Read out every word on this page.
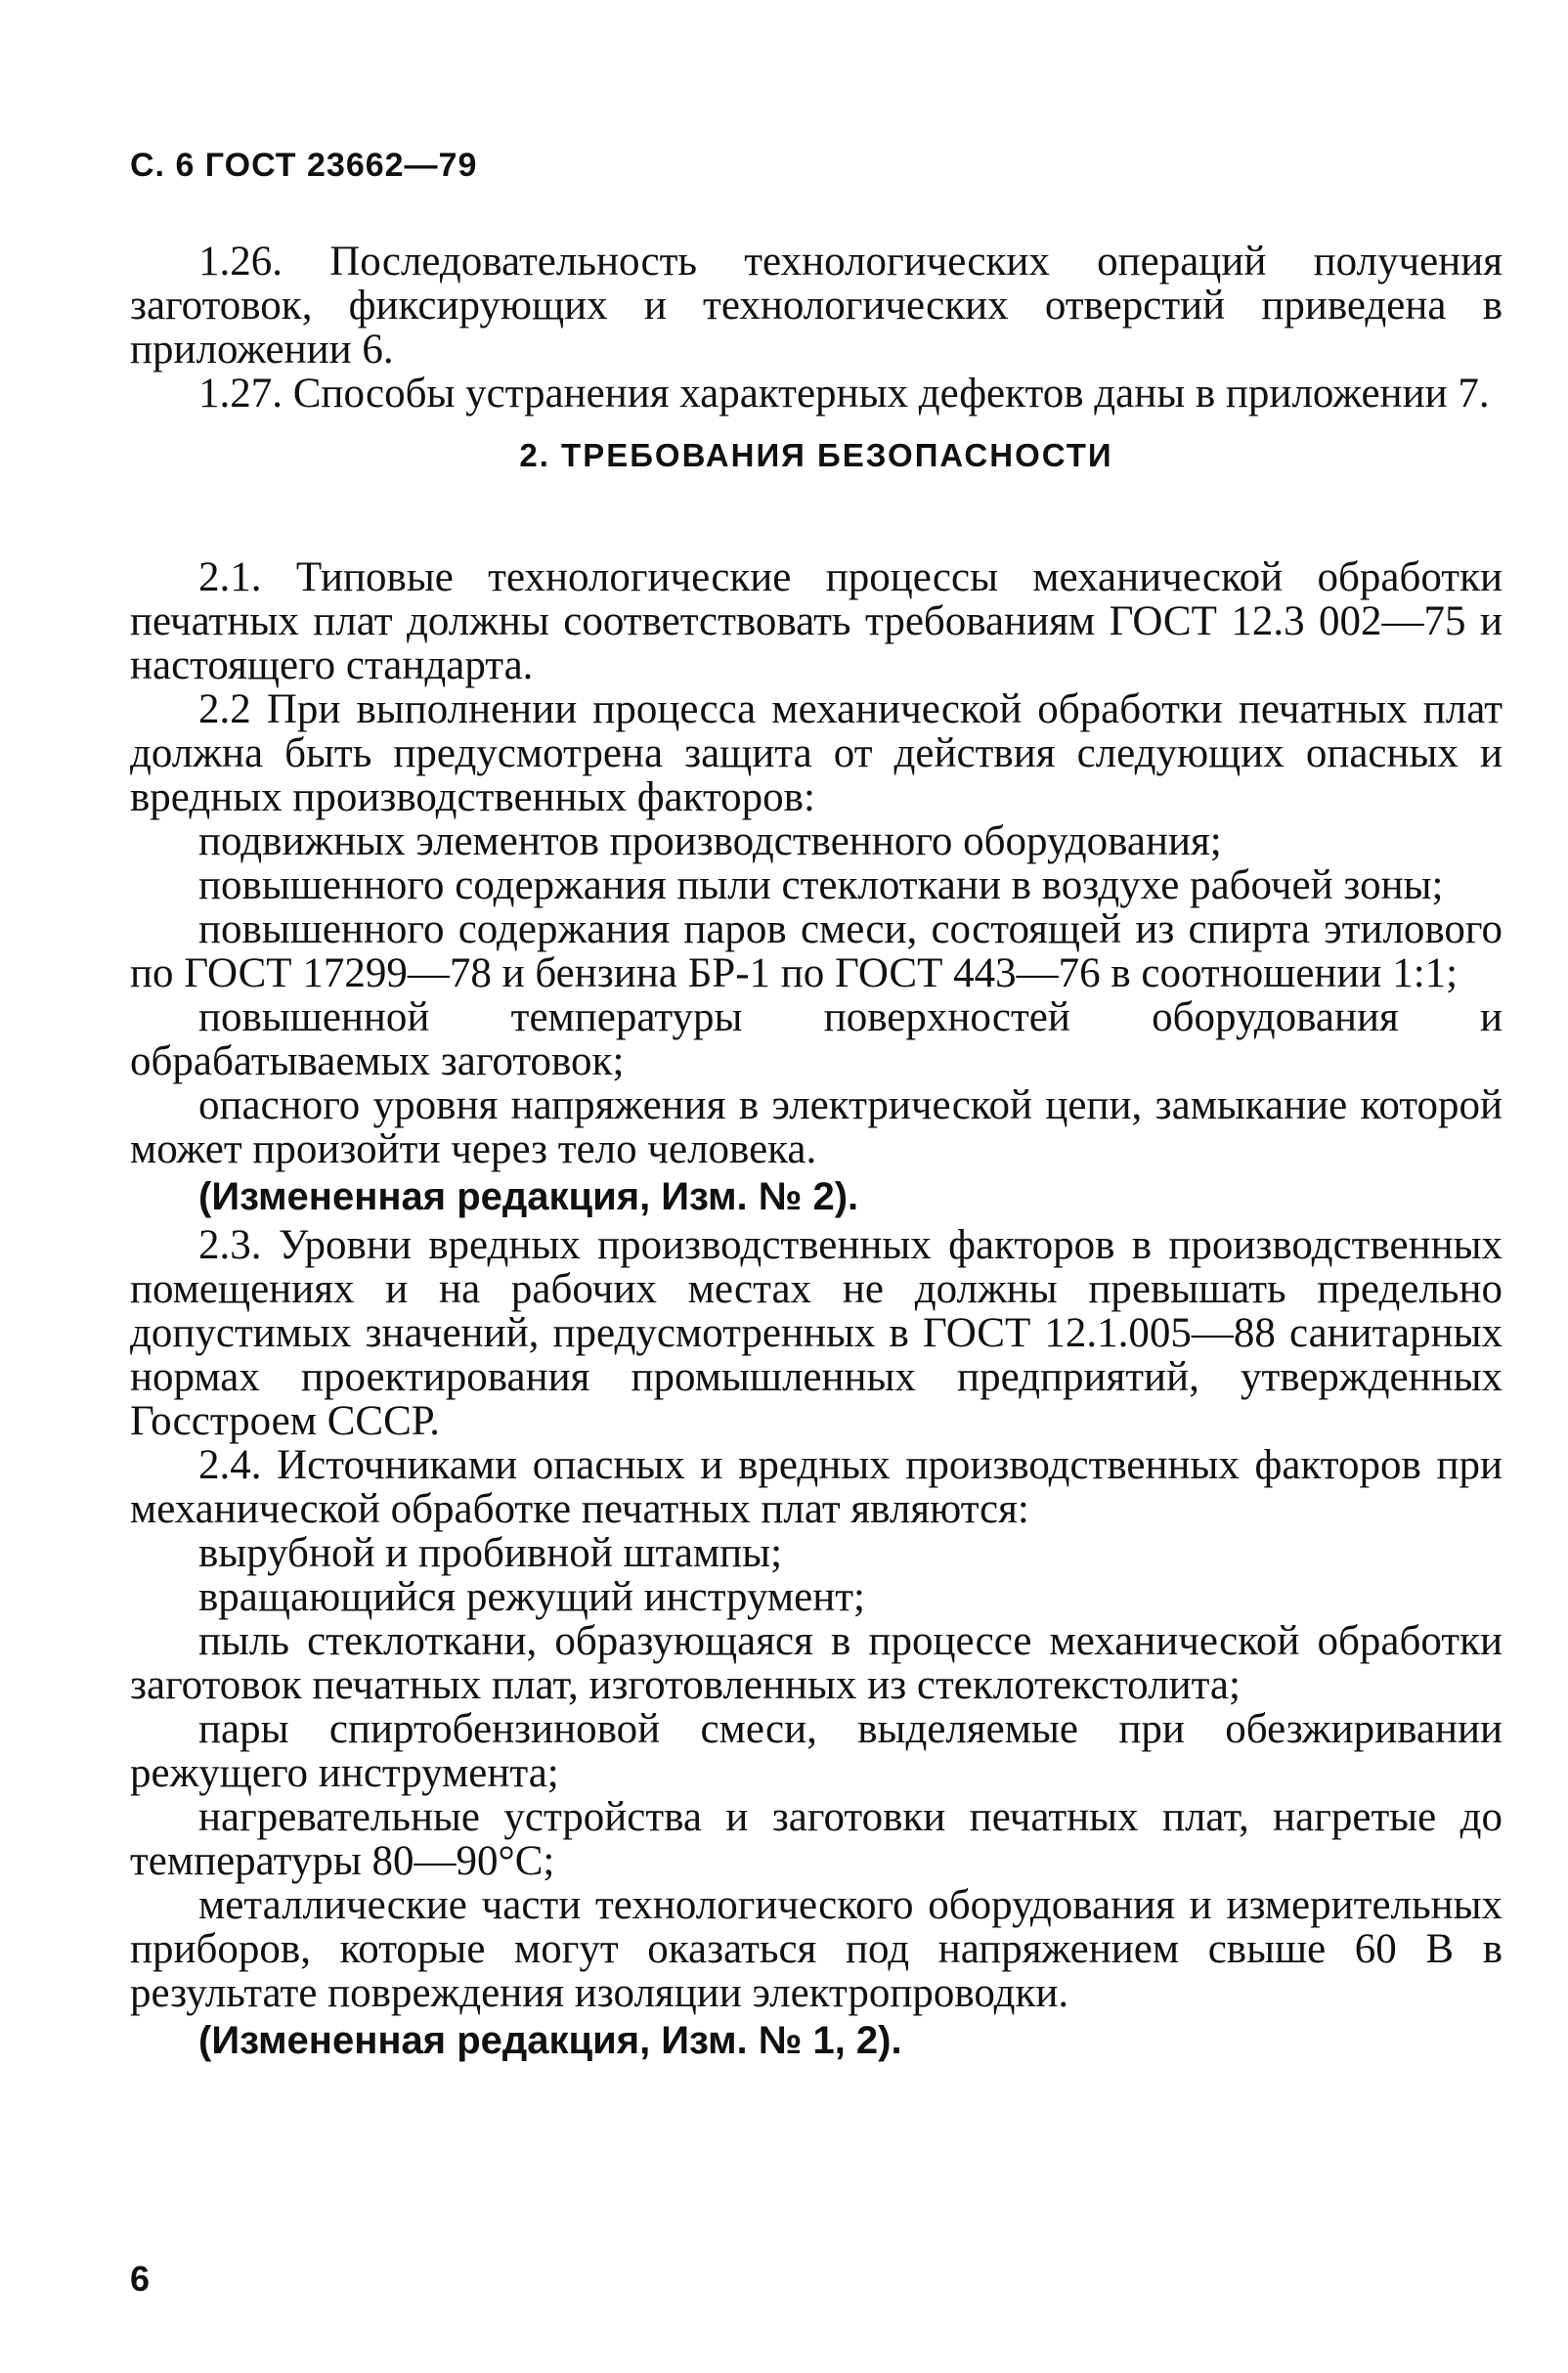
С. 6 ГОСТ 23662—79

1.26. Последовательность технологических операций получения заготовок, фиксирующих и технологических отверстий приведена в приложении 6.

1.27. Способы устранения характерных дефектов даны в приложении 7.

2. ТРЕБОВАНИЯ БЕЗОПАСНОСТИ

2.1. Типовые технологические процессы механической обработки печатных плат должны соответствовать требованиям ГОСТ 12.3 002—75 и настоящего стандарта.

2.2 При выполнении процесса механической обработки печатных плат должна быть предусмотрена защита от действия следующих опасных и вредных производственных факторов:

подвижных элементов производственного оборудования;

повышенного содержания пыли стеклоткани в воздухе рабочей зоны;

повышенного содержания паров смеси, состоящей из спирта этилового по ГОСТ 17299—78 и бензина БР-1 по ГОСТ 443—76 в соотношении 1:1;

повышенной температуры поверхностей оборудования и обрабатываемых заготовок;

опасного уровня напряжения в электрической цепи, замыкание которой может произойти через тело человека.

(Измененная редакция, Изм. № 2).

2.3. Уровни вредных производственных факторов в производственных помещениях и на рабочих местах не должны превышать предельно допустимых значений, предусмотренных в ГОСТ 12.1.005—88 санитарных нормах проектирования промышленных предприятий, утвержденных Госстроем СССР.

2.4. Источниками опасных и вредных производственных факторов при механической обработке печатных плат являются:

вырубной и пробивной штампы;

вращающийся режущий инструмент;

пыль стеклоткани, образующаяся в процессе механической обработки заготовок печатных плат, изготовленных из стеклотекстолита;

пары спиртобензиновой смеси, выделяемые при обезжиривании режущего инструмента;

нагревательные устройства и заготовки печатных плат, нагретые до температуры 80—90°С;

металлические части технологического оборудования и измерительных приборов, которые могут оказаться под напряжением свыше 60 В в результате повреждения изоляции электропроводки.

(Измененная редакция, Изм. № 1, 2).

6
